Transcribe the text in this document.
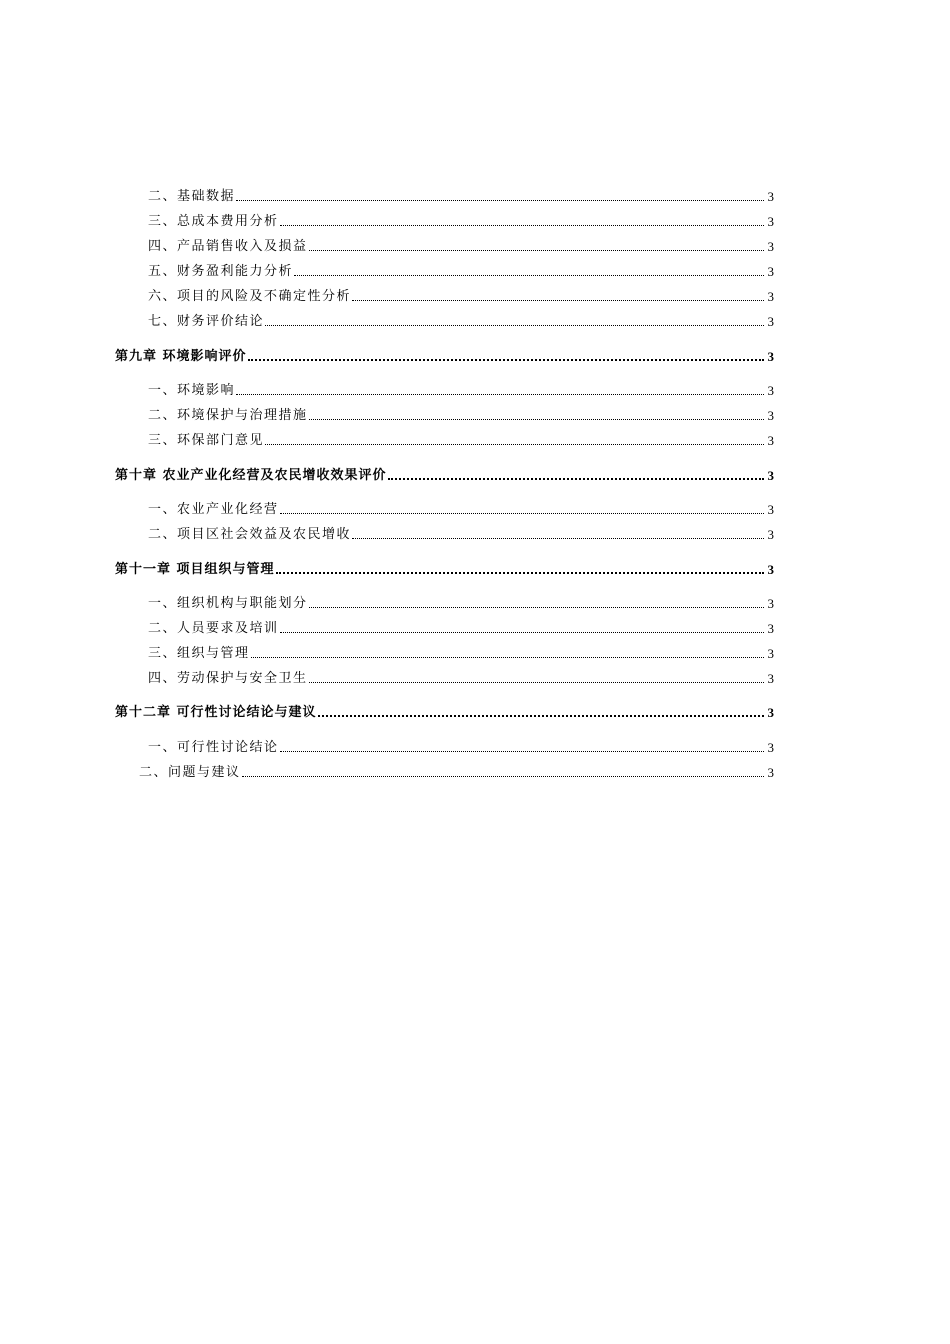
二、基础数据	3
三、总成本费用分析	3
四、产品销售收入及损益	3
五、财务盈利能力分析	3
六、项目的风险及不确定性分析	3
七、财务评价结论	3
第九章 环境影响评价	3
一、环境影响	3
二、环境保护与治理措施	3
三、环保部门意见	3
第十章 农业产业化经营及农民增收效果评价	3
一、农业产业化经营	3
二、项目区社会效益及农民增收	3
第十一章 项目组织与管理	3
一、组织机构与职能划分	3
二、人员要求及培训	3
三、组织与管理	3
四、劳动保护与安全卫生	3
第十二章 可行性讨论结论与建议	3
一、可行性讨论结论	3
二、问题与建议	3
